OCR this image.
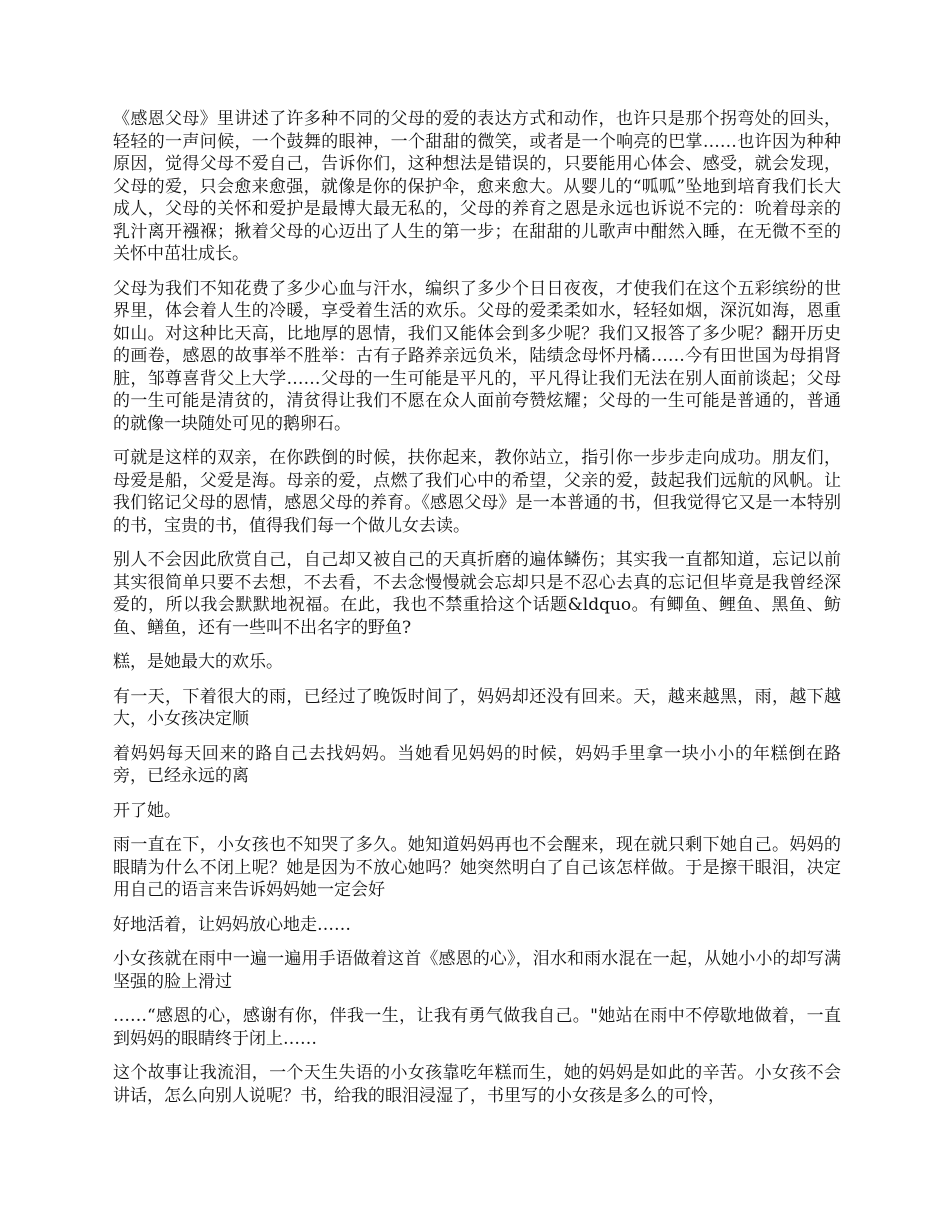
《感恩父母》里讲述了许多种不同的父母的爱的表达方式和动作，也许只是那个拐弯处的回头，轻轻的一声问候，一个鼓舞的眼神，一个甜甜的微笑，或者是一个响亮的巴掌……也许因为种种原因，觉得父母不爱自己，告诉你们，这种想法是错误的，只要能用心体会、感受，就会发现，父母的爱，只会愈来愈强，就像是你的保护伞，愈来愈大。从婴儿的“呱呱”坠地到培育我们长大成人，父母的关怀和爱护是最博大最无私的，父母的养育之恩是永远也诉说不完的：吮着母亲的乳汁离开襁褓；揪着父母的心迈出了人生的第一步；在甜甜的儿歌声中酣然入睡，在无微不至的关怀中茁壮成长。

父母为我们不知花费了多少心血与汗水，编织了多少个日日夜夜，才使我们在这个五彩缤纷的世界里，体会着人生的冷暖，享受着生活的欢乐。父母的爱柔柔如水，轻轻如烟，深沉如海，恩重如山。对这种比天高，比地厚的恩情，我们又能体会到多少呢？我们又报答了多少呢？翻开历史的画卷，感恩的故事举不胜举：古有子路养亲远负米，陆绩念母怀丹橘……今有田世国为母捐肾脏，邹尊喜背父上大学……父母的一生可能是平凡的，平凡得让我们无法在别人面前谈起；父母的一生可能是清贫的，清贫得让我们不愿在众人面前夸赞炫耀；父母的一生可能是普通的，普通的就像一块随处可见的鹅卵石。

可就是这样的双亲，在你跌倒的时候，扶你起来，教你站立，指引你一步步走向成功。朋友们，母爱是船，父爱是海。母亲的爱，点燃了我们心中的希望，父亲的爱，鼓起我们远航的风帆。让我们铭记父母的恩情，感恩父母的养育。《感恩父母》是一本普通的书，但我觉得它又是一本特别的书，宝贵的书，值得我们每一个做儿女去读。

别人不会因此欣赏自己，自己却又被自己的天真折磨的遍体鳞伤；其实我一直都知道，忘记以前其实很简单只要不去想，不去看，不去念慢慢就会忘却只是不忍心去真的忘记但毕竟是我曾经深爱的，所以我会默默地祝福。在此，我也不禁重拾这个话题&ldquo。有鲫鱼、鲤鱼、黑鱼、鲂鱼、鳝鱼，还有一些叫不出名字的野鱼?

糕，是她最大的欢乐。

有一天，下着很大的雨，已经过了晚饭时间了，妈妈却还没有回来。天，越来越黑，雨，越下越大，小女孩决定顺

着妈妈每天回来的路自己去找妈妈。当她看见妈妈的时候，妈妈手里拿一块小小的年糕倒在路旁，已经永远的离

开了她。

雨一直在下，小女孩也不知哭了多久。她知道妈妈再也不会醒来，现在就只剩下她自己。妈妈的眼睛为什么不闭上呢？她是因为不放心她吗？她突然明白了自己该怎样做。于是擦干眼泪，决定用自己的语言来告诉妈妈她一定会好

好地活着，让妈妈放心地走……

小女孩就在雨中一遍一遍用手语做着这首《感恩的心》，泪水和雨水混在一起，从她小小的却写满坚强的脸上滑过

……“感恩的心，感谢有你，伴我一生，让我有勇气做我自己。"她站在雨中不停歇地做着，一直到妈妈的眼睛终于闭上……

这个故事让我流泪，一个天生失语的小女孩靠吃年糕而生，她的妈妈是如此的辛苦。小女孩不会讲话，怎么向别人说呢？书，给我的眼泪浸湿了，书里写的小女孩是多么的可怜，
